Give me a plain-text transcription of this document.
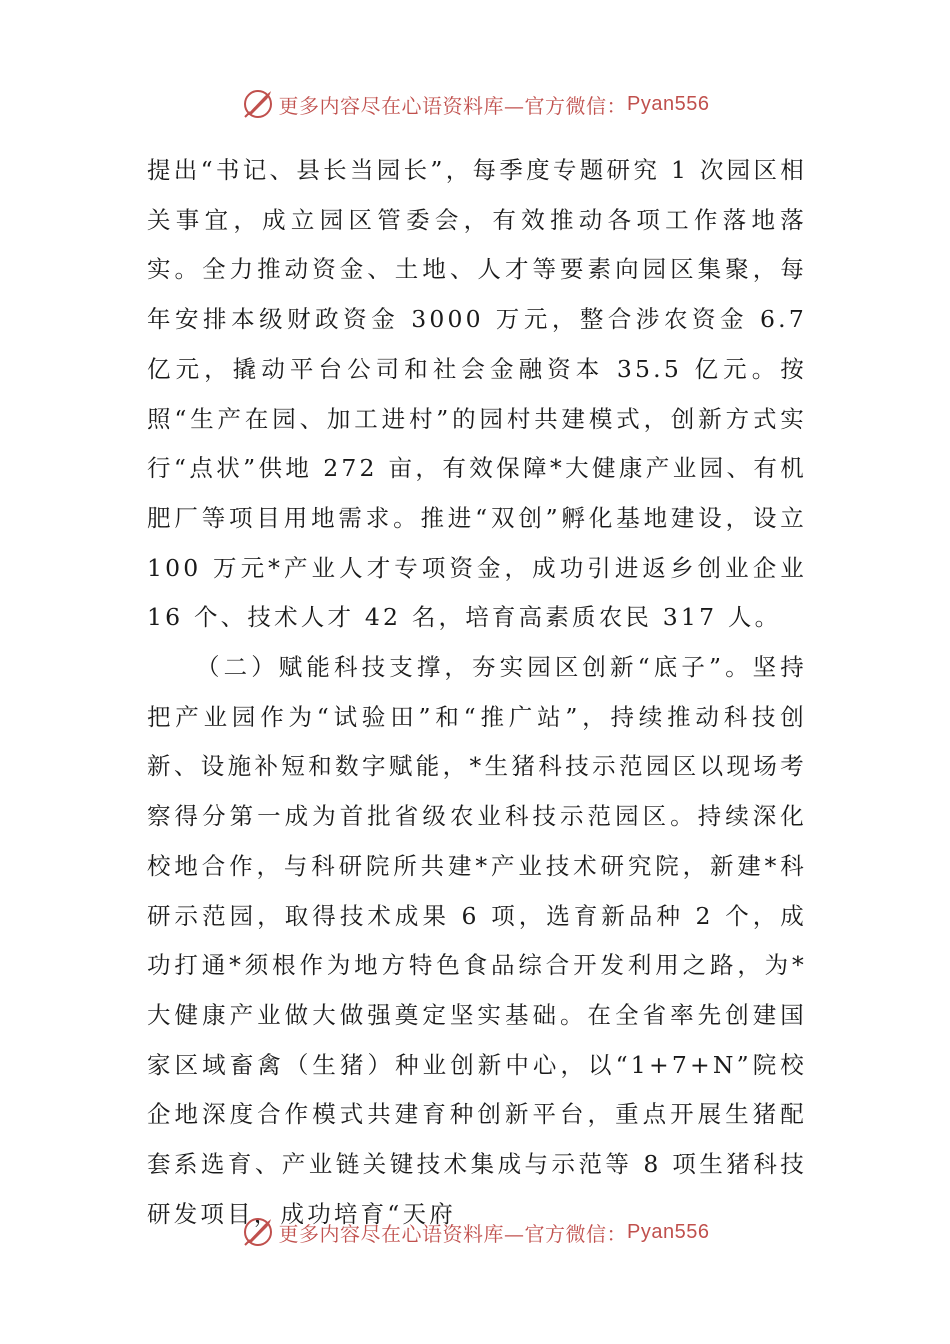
更多内容尽在心语资料库—官方微信： Pyan556

提出“书记、县长当园长”，每季度专题研究 1 次园区相关事宜，成立园区管委会，有效推动各项工作落地落实。全力推动资金、土地、人才等要素向园区集聚，每年安排本级财政资金 3000 万元，整合涉农资金 6.7 亿元，撬动平台公司和社会金融资本 35.5 亿元。按照“生产在园、加工进村”的园村共建模式，创新方式实行“点状”供地 272 亩，有效保障*大健康产业园、有机肥厂等项目用地需求。推进“双创”孵化基地建设，设立 100 万元*产业人才专项资金，成功引进返乡创业企业 16 个、技术人才 42 名，培育高素质农民 317 人。

（二）赋能科技支撑，夯实园区创新“底子”。坚持把产业园作为“试验田”和“推广站”，持续推动科技创新、设施补短和数字赋能，*生猪科技示范园区以现场考察得分第一成为首批省级农业科技示范园区。持续深化校地合作，与科研院所共建*产业技术研究院，新建*科研示范园，取得技术成果 6 项，选育新品种 2 个，成功打通*须根作为地方特色食品综合开发利用之路，为*大健康产业做大做强奠定坚实基础。在全省率先创建国家区域畜禽（生猪）种业创新中心，以“1+7+N”院校企地深度合作模式共建育种创新平台，重点开展生猪配套系选育、产业链关键技术集成与示范等 8 项生猪科技研发项目，成功培育“天府

更多内容尽在心语资料库—官方微信： Pyan556
